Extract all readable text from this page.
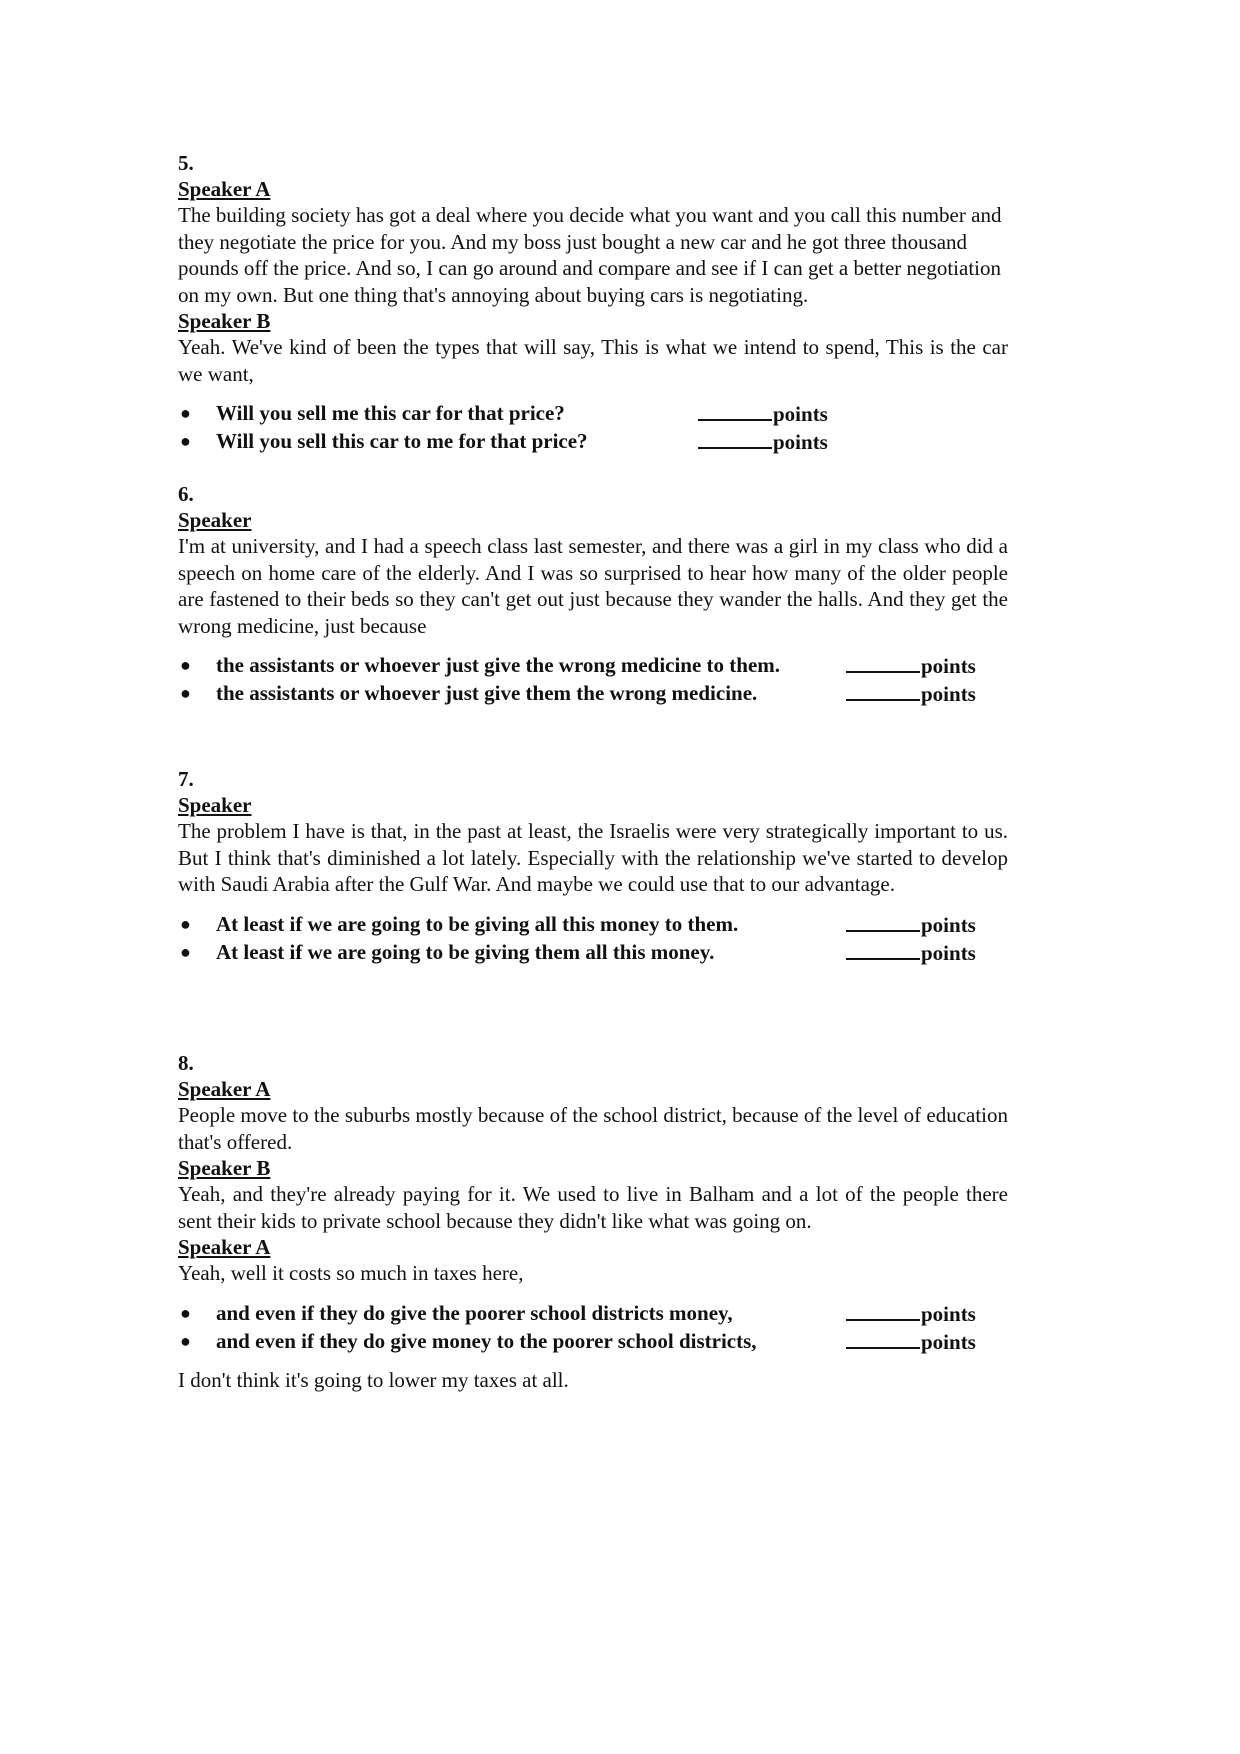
5.
Speaker A
The building society has got a deal where you decide what you want and you call this number and they negotiate the price for you. And my boss just bought a new car and he got three thousand pounds off the price. And so, I can go around and compare and see if I can get a better negotiation on my own. But one thing that's annoying about buying cars is negotiating.
Speaker B
Yeah. We've kind of been the types that will say, This is what we intend to spend, This is the car we want,
● Will you sell me this car for that price?	points
● Will you sell this car to me for that price?	points
6.
Speaker
I'm at university, and I had a speech class last semester, and there was a girl in my class who did a speech on home care of the elderly. And I was so surprised to hear how many of the older people are fastened to their beds so they can't get out just because they wander the halls. And they get the wrong medicine, just because
● the assistants or whoever just give the wrong medicine to them.	points
● the assistants or whoever just give them the wrong medicine.	points
7.
Speaker
The problem I have is that, in the past at least, the Israelis were very strategically important to us. But I think that's diminished a lot lately. Especially with the relationship we've started to develop with Saudi Arabia after the Gulf War. And maybe we could use that to our advantage.
● At least if we are going to be giving all this money to them.	points
● At least if we are going to be giving them all this money.	points
8.
Speaker A
People move to the suburbs mostly because of the school district, because of the level of education that's offered.
Speaker B
Yeah, and they're already paying for it. We used to live in Balham and a lot of the people there sent their kids to private school because they didn't like what was going on.
Speaker A
Yeah, well it costs so much in taxes here,
● and even if they do give the poorer school districts money,	points
● and even if they do give money to the poorer school districts,	points
I don't think it's going to lower my taxes at all.
